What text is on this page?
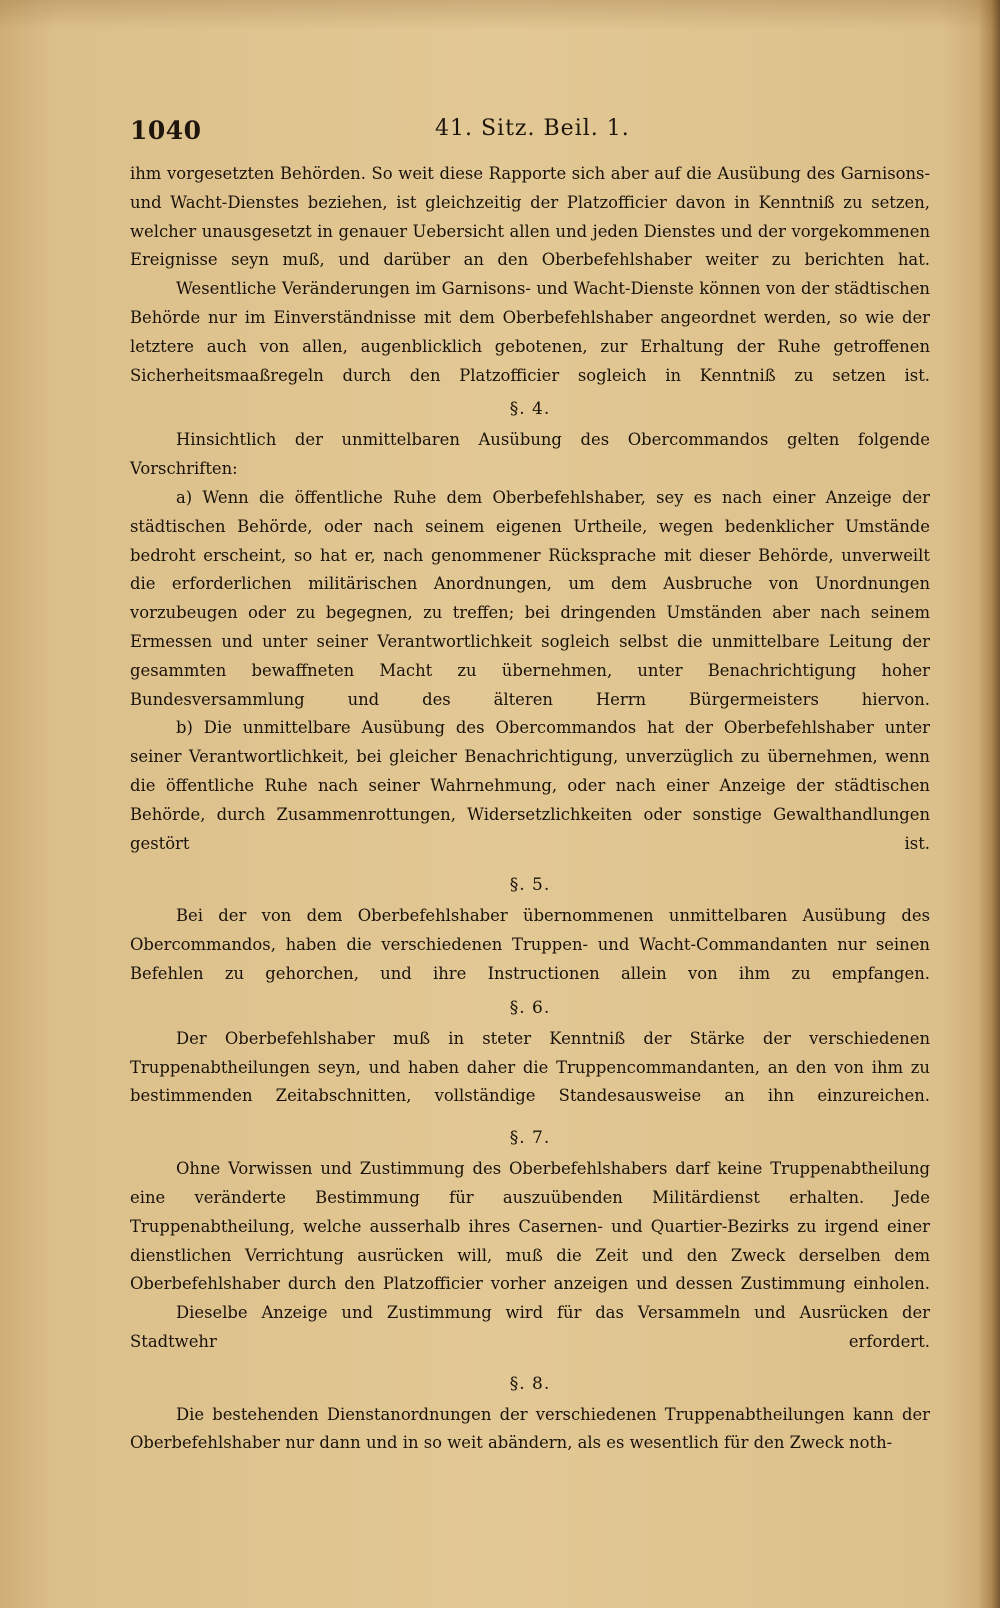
1040	41. Sitz. Beil. 1.

ihm vorgesetzten Behörden. So weit diese Rapporte sich aber auf die Ausübung des Garnisons- und Wacht-Dienstes beziehen, ist gleichzeitig der Platzofficier davon in Kenntniß zu setzen, welcher unausgesetzt in genauer Uebersicht allen und jeden Dienstes und der vorgekommenen Ereignisse seyn muß, und darüber an den Oberbefehlshaber weiter zu berichten hat.

Wesentliche Veränderungen im Garnisons- und Wacht-Dienste können von der städtischen Behörde nur im Einverständnisse mit dem Oberbefehlshaber angeordnet werden, so wie der letztere auch von allen, augenblicklich gebotenen, zur Erhaltung der Ruhe getroffenen Sicherheitsmaaßregeln durch den Platzofficier sogleich in Kenntniß zu setzen ist.

§. 4.

Hinsichtlich der unmittelbaren Ausübung des Obercommandos gelten folgende Vorschriften:

a) Wenn die öffentliche Ruhe dem Oberbefehlshaber, sey es nach einer Anzeige der städtischen Behörde, oder nach seinem eigenen Urtheile, wegen bedenklicher Umstände bedroht erscheint, so hat er, nach genommener Rücksprache mit dieser Behörde, unverweilt die erforderlichen militärischen Anordnungen, um dem Ausbruche von Unordnungen vorzubeugen oder zu begegnen, zu treffen; bei dringenden Umständen aber nach seinem Ermessen und unter seiner Verantwortlichkeit sogleich selbst die unmittelbare Leitung der gesammten bewaffneten Macht zu übernehmen, unter Benachrichtigung hoher Bundesversammlung und des älteren Herrn Bürgermeisters hiervon.

b) Die unmittelbare Ausübung des Obercommandos hat der Oberbefehlshaber unter seiner Verantwortlichkeit, bei gleicher Benachrichtigung, unverzüglich zu übernehmen, wenn die öffentliche Ruhe nach seiner Wahrnehmung, oder nach einer Anzeige der städtischen Behörde, durch Zusammenrottungen, Widersetzlichkeiten oder sonstige Gewalthandlungen gestört ist.

§. 5.

Bei der von dem Oberbefehlshaber übernommenen unmittelbaren Ausübung des Obercommandos, haben die verschiedenen Truppen- und Wacht-Commandanten nur seinen Befehlen zu gehorchen, und ihre Instructionen allein von ihm zu empfangen.

§. 6.

Der Oberbefehlshaber muß in steter Kenntniß der Stärke der verschiedenen Truppenabtheilungen seyn, und haben daher die Truppencommandanten, an den von ihm zu bestimmenden Zeitabschnitten, vollständige Standesausweise an ihn einzureichen.

§. 7.

Ohne Vorwissen und Zustimmung des Oberbefehlshabers darf keine Truppenabtheilung eine veränderte Bestimmung für auszuübenden Militärdienst erhalten. Jede Truppenabtheilung, welche ausserhalb ihres Casernen- und Quartier-Bezirks zu irgend einer dienstlichen Verrichtung ausrücken will, muß die Zeit und den Zweck derselben dem Oberbefehlshaber durch den Platzofficier vorher anzeigen und dessen Zustimmung einholen.

Dieselbe Anzeige und Zustimmung wird für das Versammeln und Ausrücken der Stadtwehr erfordert.

§. 8.

Die bestehenden Dienstanordnungen der verschiedenen Truppenabtheilungen kann der Oberbefehlshaber nur dann und in so weit abändern, als es wesentlich für den Zweck noth-
